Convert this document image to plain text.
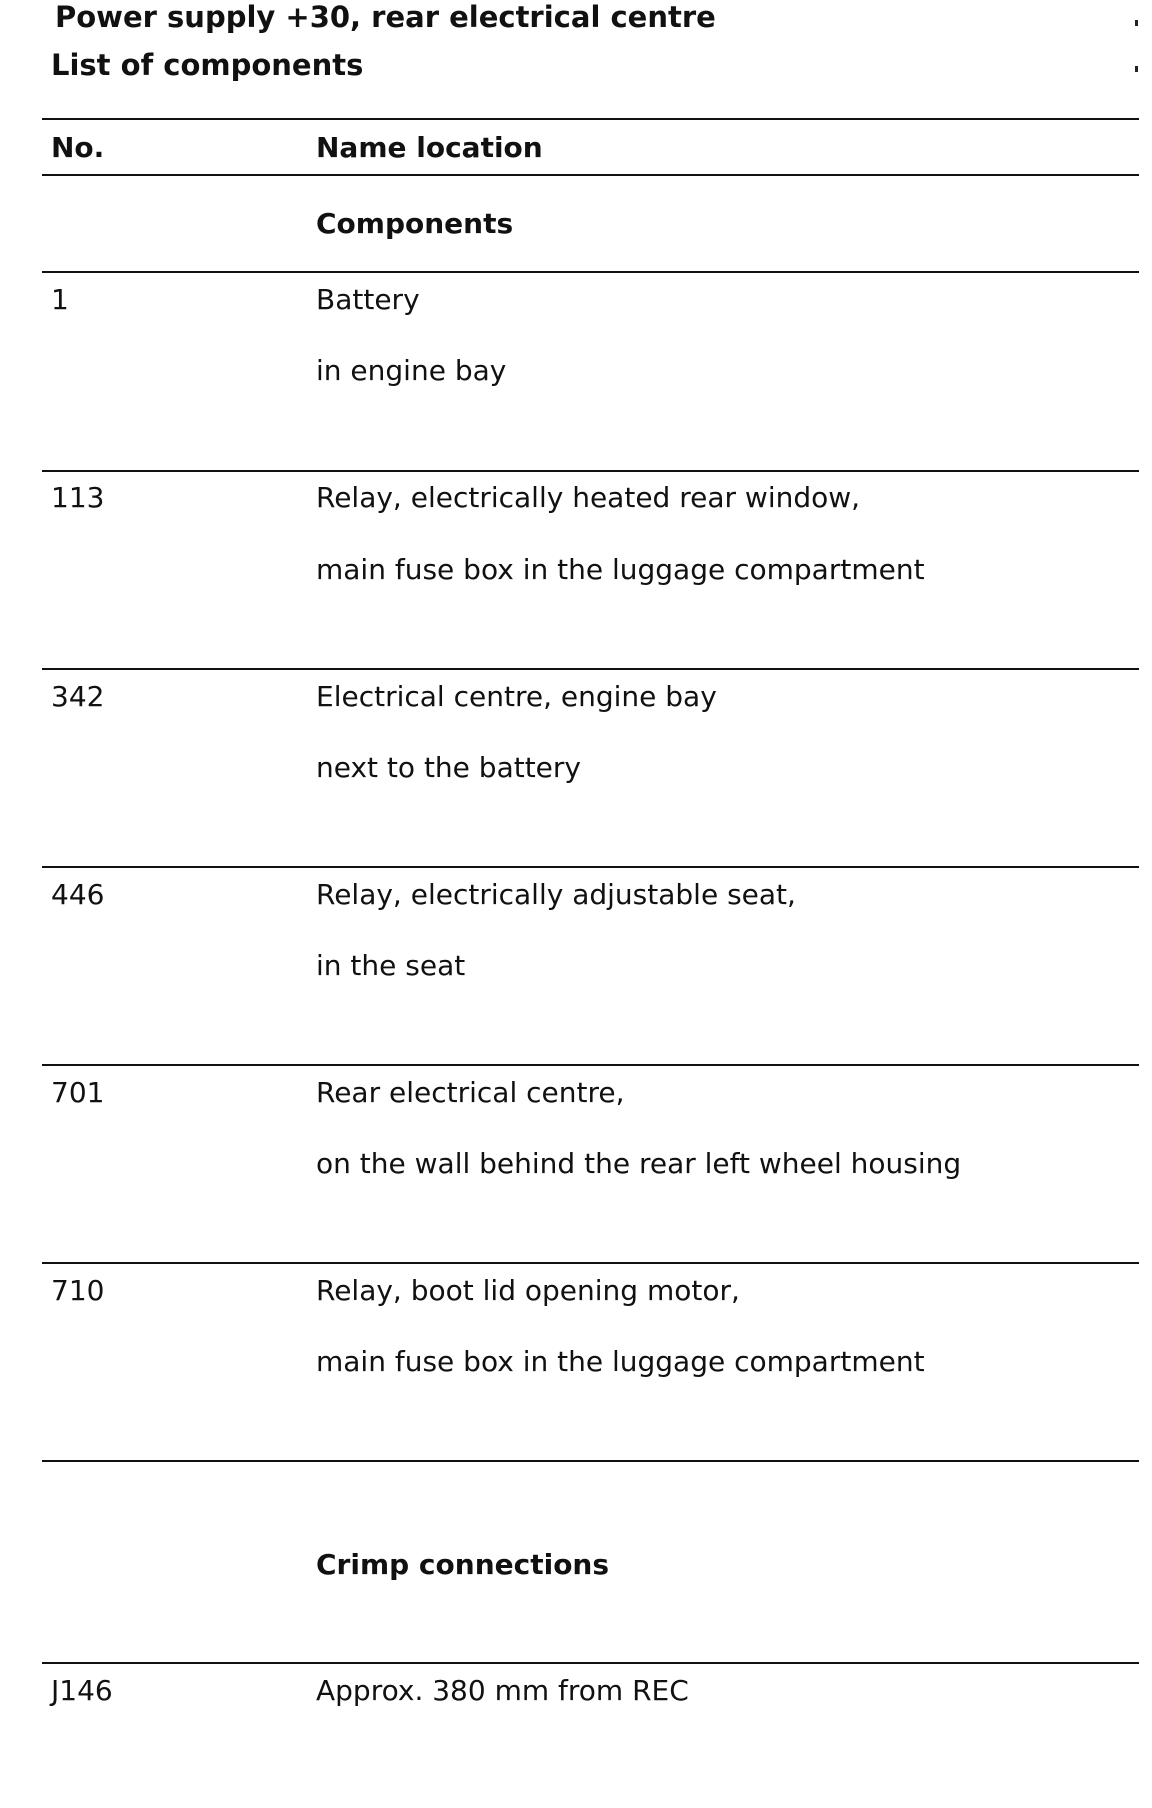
Power supply +30, rear electrical centre
List of components
No.	Name location
Components
1	Battery
in engine bay
113	Relay, electrically heated rear window,
main fuse box in the luggage compartment
342	Electrical centre, engine bay
next to the battery
446	Relay, electrically adjustable seat,
in the seat
701	Rear electrical centre,
on the wall behind the rear left wheel housing
710	Relay, boot lid opening motor,
main fuse box in the luggage compartment
Crimp connections
J146	Approx. 380 mm from REC
